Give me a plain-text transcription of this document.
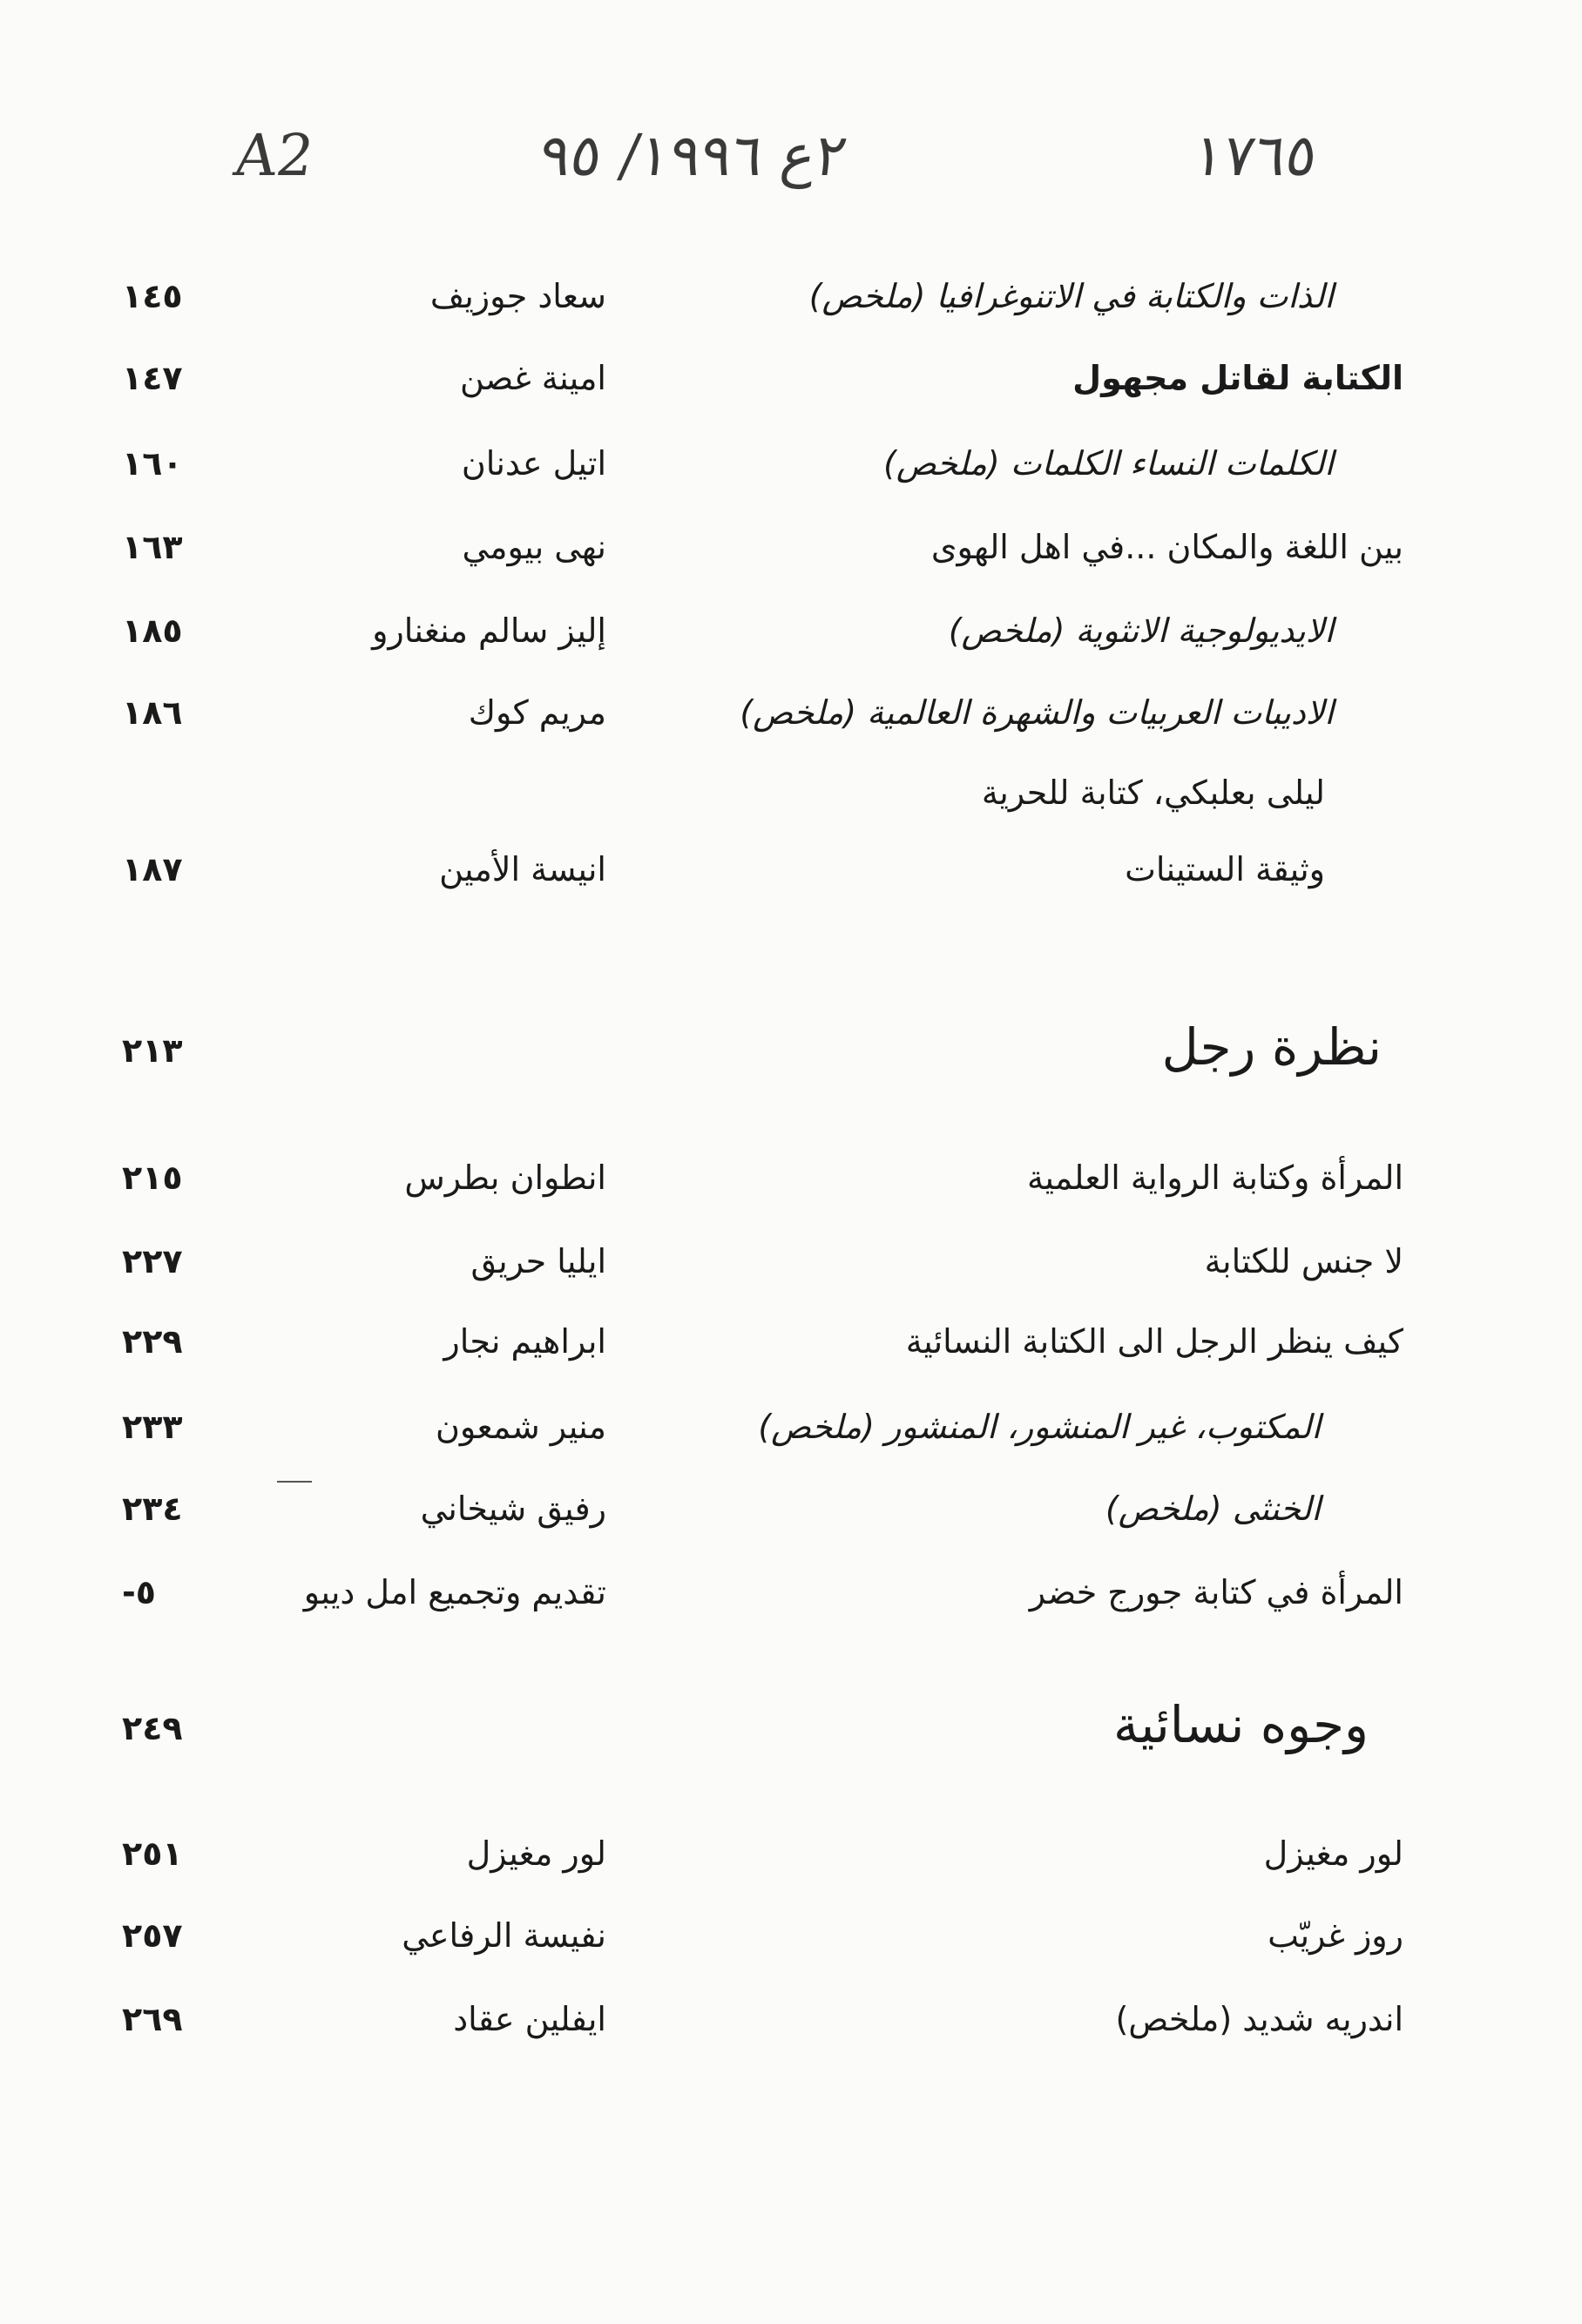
A2	٢ع ١٩٩٦/ ٩٥	١٧٦٥
الذات والكتابة في الاتنوغرافيا (ملخص)
سعاد جوزيف
١٤٥
الكتابة لقاتل مجهول
امينة غصن
١٤٧
الكلمات النساء الكلمات (ملخص)
اتيل عدنان
١٦٠
بين اللغة والمكان ...في اهل الهوى
نهى بيومي
١٦٣
الايديولوجية الانثوية (ملخص)
إليز سالم منغنارو
١٨٥
الاديبات العربيات والشهرة العالمية (ملخص)
مريم كوك
١٨٦
ليلى بعلبكي، كتابة للحرية
وثيقة الستينات
انيسة الأمين
١٨٧
نظرة رجل
٢١٣
المرأة وكتابة الرواية العلمية
انطوان بطرس
٢١٥
لا جنس للكتابة
ايليا حريق
٢٢٧
كيف ينظر الرجل الى الكتابة النسائية
ابراهيم نجار
٢٢٩
المكتوب، غير المنشور، المنشور (ملخص)
منير شمعون
٢٣٣
الخنثى (ملخص)
رفيق شيخاني
٢٣٤
المرأة في كتابة جورج خضر
تقديم وتجميع امل ديبو
٥-
وجوه نسائية
٢٤٩
لور مغيزل
لور مغيزل
٢٥١
روز غريّب
نفيسة الرفاعي
٢٥٧
اندريه شديد (ملخص)
ايفلين عقاد
٢٦٩
